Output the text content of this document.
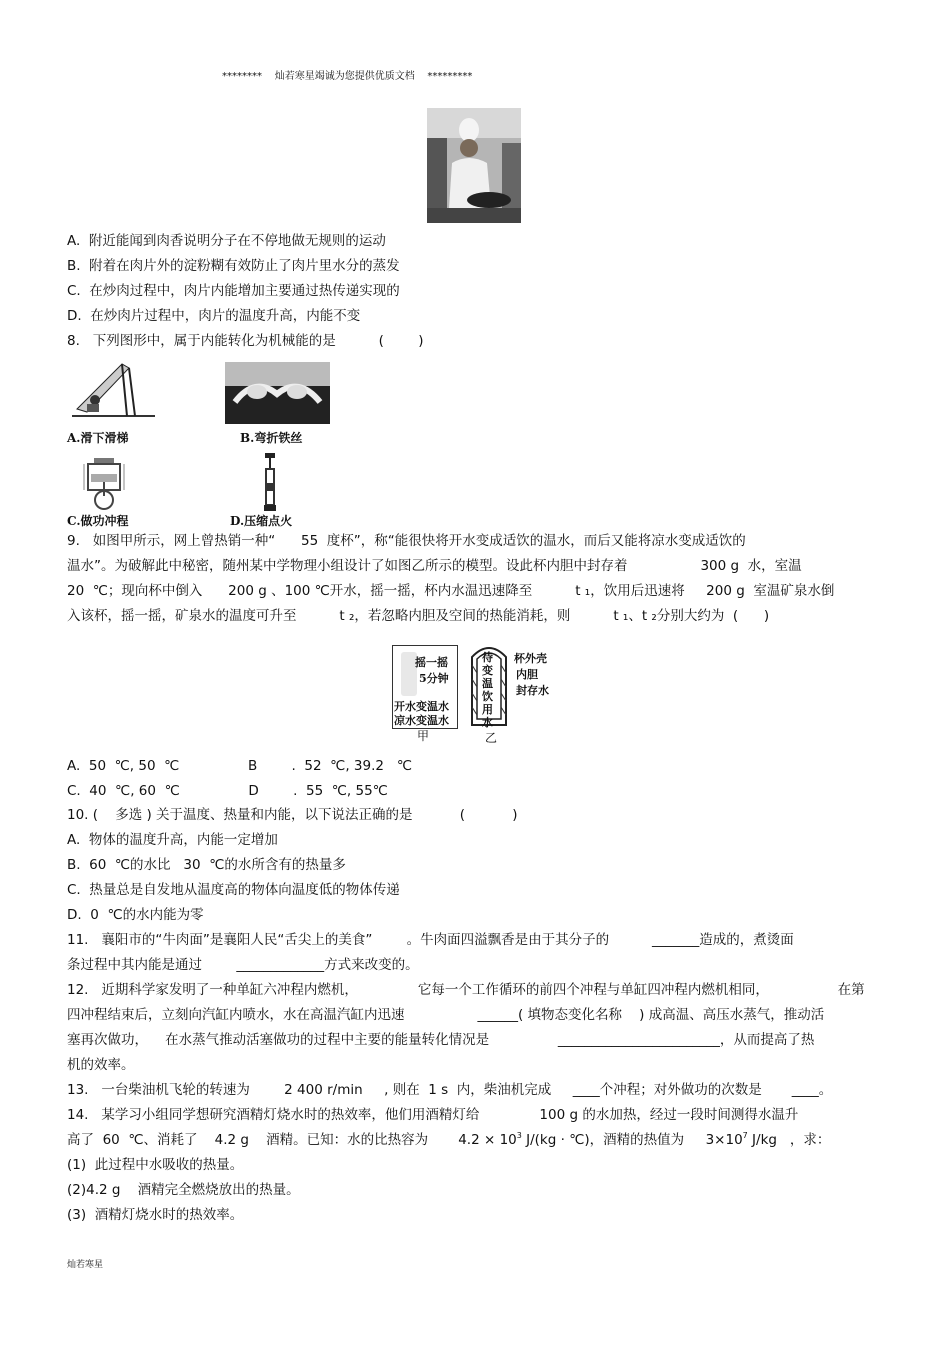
********    灿若寒星竭诚为您提供优质文档    *********
A.  附近能闻到肉香说明分子在不停地做无规则的运动
B.  附着在肉片外的淀粉糊有效防止了肉片里水分的蒸发
C.  在炒肉过程中，肉片内能增加主要通过热传递实现的
D.  在炒肉片过程中，肉片的温度升高，内能不变
8.   下列图形中，属于内能转化为机械能的是          (        )
A.滑下滑梯	B.弯折铁丝
C.做功冲程	D.压缩点火
9.   如图甲所示，网上曾热销一种“      55  度杯”，称“能很快将开水变成适饮的温水，而后又能将凉水变成适饮的
温水”。为破解此中秘密，随州某中学物理小组设计了如图乙所示的模型。设此杯内胆中封存着                 300 g  水，室温
20  ℃；现向杯中倒入      200 g 、100 ℃开水，摇一摇，杯内水温迅速降至          t ₁，饮用后迅速将     200 g  室温矿泉水倒
入该杯，摇一摇，矿泉水的温度可升至          t ₂，若忽略内胆及空间的热能消耗，则          t ₁、t ₂分别大约为  (      )
摇一摇
5分钟
开水变温水
凉水变温水
甲
待变温饮用水
杯外壳
内胆
封存水
乙
A.  50  ℃, 50  ℃                B        .  52  ℃, 39.2   ℃
C.  40  ℃, 60  ℃                D        .  55  ℃, 55℃
10. (    多选 ) 关于温度、热量和内能，以下说法正确的是           (           )
A.  物体的温度升高，内能一定增加
B.  60  ℃的水比   30  ℃的水所含有的热量多
C.  热量总是自发地从温度高的物体向温度低的物体传递
D.  0  ℃的水内能为零
11.   襄阳市的“牛肉面”是襄阳人民“舌尖上的美食”        。牛肉面四溢飘香是由于其分子的          _______造成的，煮烫面
条过程中其内能是通过        _____________方式来改变的。
12.   近期科学家发明了一种单缸六冲程内燃机，              它每一个工作循环的前四个冲程与单缸四冲程内燃机相同，                在第
四冲程结束后，立刻向汽缸内喷水，水在高温汽缸内迅速                 ______( 填物态变化名称    ) 成高温、高压水蒸气，推动活
塞再次做功，    在水蒸气推动活塞做功的过程中主要的能量转化情况是                ________________________，从而提高了热
机的效率。
13.   一台柴油机飞轮的转速为        2 400 r/min     , 则在  1 s  内，柴油机完成     ____个冲程；对外做功的次数是       ____。
14.   某学习小组同学想研究酒精灯烧水时的热效率，他们用酒精灯给              100 g 的水加热，经过一段时间测得水温升
高了  60  ℃、消耗了    4.2 g    酒精。已知：水的比热容为       $4.2 \times 10^3$ J/(kg · ℃)，酒精的热值为     $3\times 10^7$ J/kg   ，求：
(1)  此过程中水吸收的热量。
(2)4.2 g    酒精完全燃烧放出的热量。
(3)  酒精灯烧水时的热效率。
灿若寒星
